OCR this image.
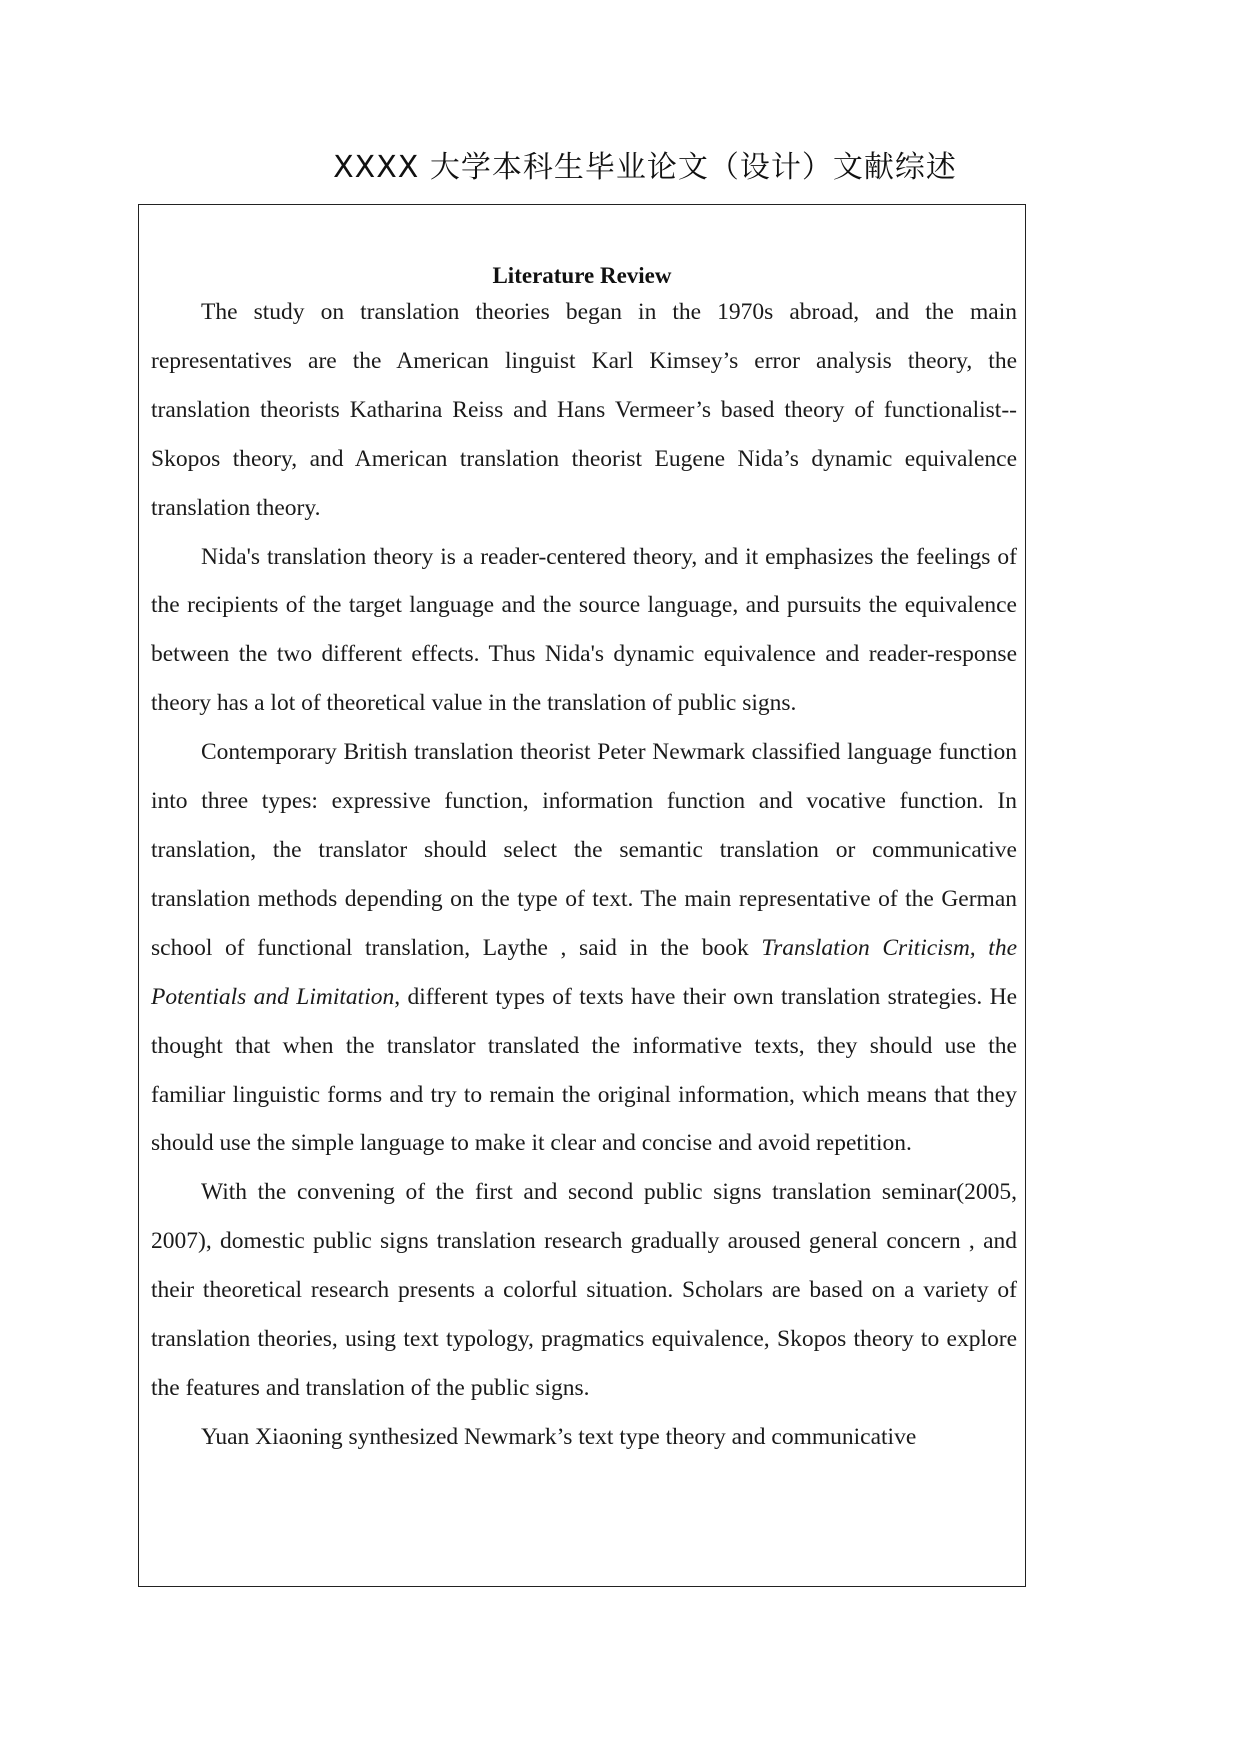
XXXX 大学本科生毕业论文（设计）文献综述
Literature Review

The study on translation theories began in the 1970s abroad, and the main representatives are the American linguist Karl Kimsey’s error analysis theory, the translation theorists Katharina Reiss and Hans Vermeer’s based theory of functionalist--Skopos theory, and American translation theorist Eugene Nida’s dynamic equivalence translation theory.

Nida's translation theory is a reader-centered theory, and it emphasizes the feelings of the recipients of the target language and the source language, and pursuits the equivalence between the two different effects. Thus Nida's dynamic equivalence and reader-response theory has a lot of theoretical value in the translation of public signs.

Contemporary British translation theorist Peter Newmark classified language function into three types: expressive function, information function and vocative function. In translation, the translator should select the semantic translation or communicative translation methods depending on the type of text. The main representative of the German school of functional translation, Laythe , said in the book Translation Criticism, the Potentials and Limitation, different types of texts have their own translation strategies. He thought that when the translator translated the informative texts, they should use the familiar linguistic forms and try to remain the original information, which means that they should use the simple language to make it clear and concise and avoid repetition.

With the convening of the first and second public signs translation seminar(2005, 2007), domestic public signs translation research gradually aroused general concern , and their theoretical research presents a colorful situation. Scholars are based on a variety of translation theories, using text typology, pragmatics equivalence, Skopos theory to explore the features and translation of the public signs.

Yuan Xiaoning synthesized Newmark’s text type theory and communicative
